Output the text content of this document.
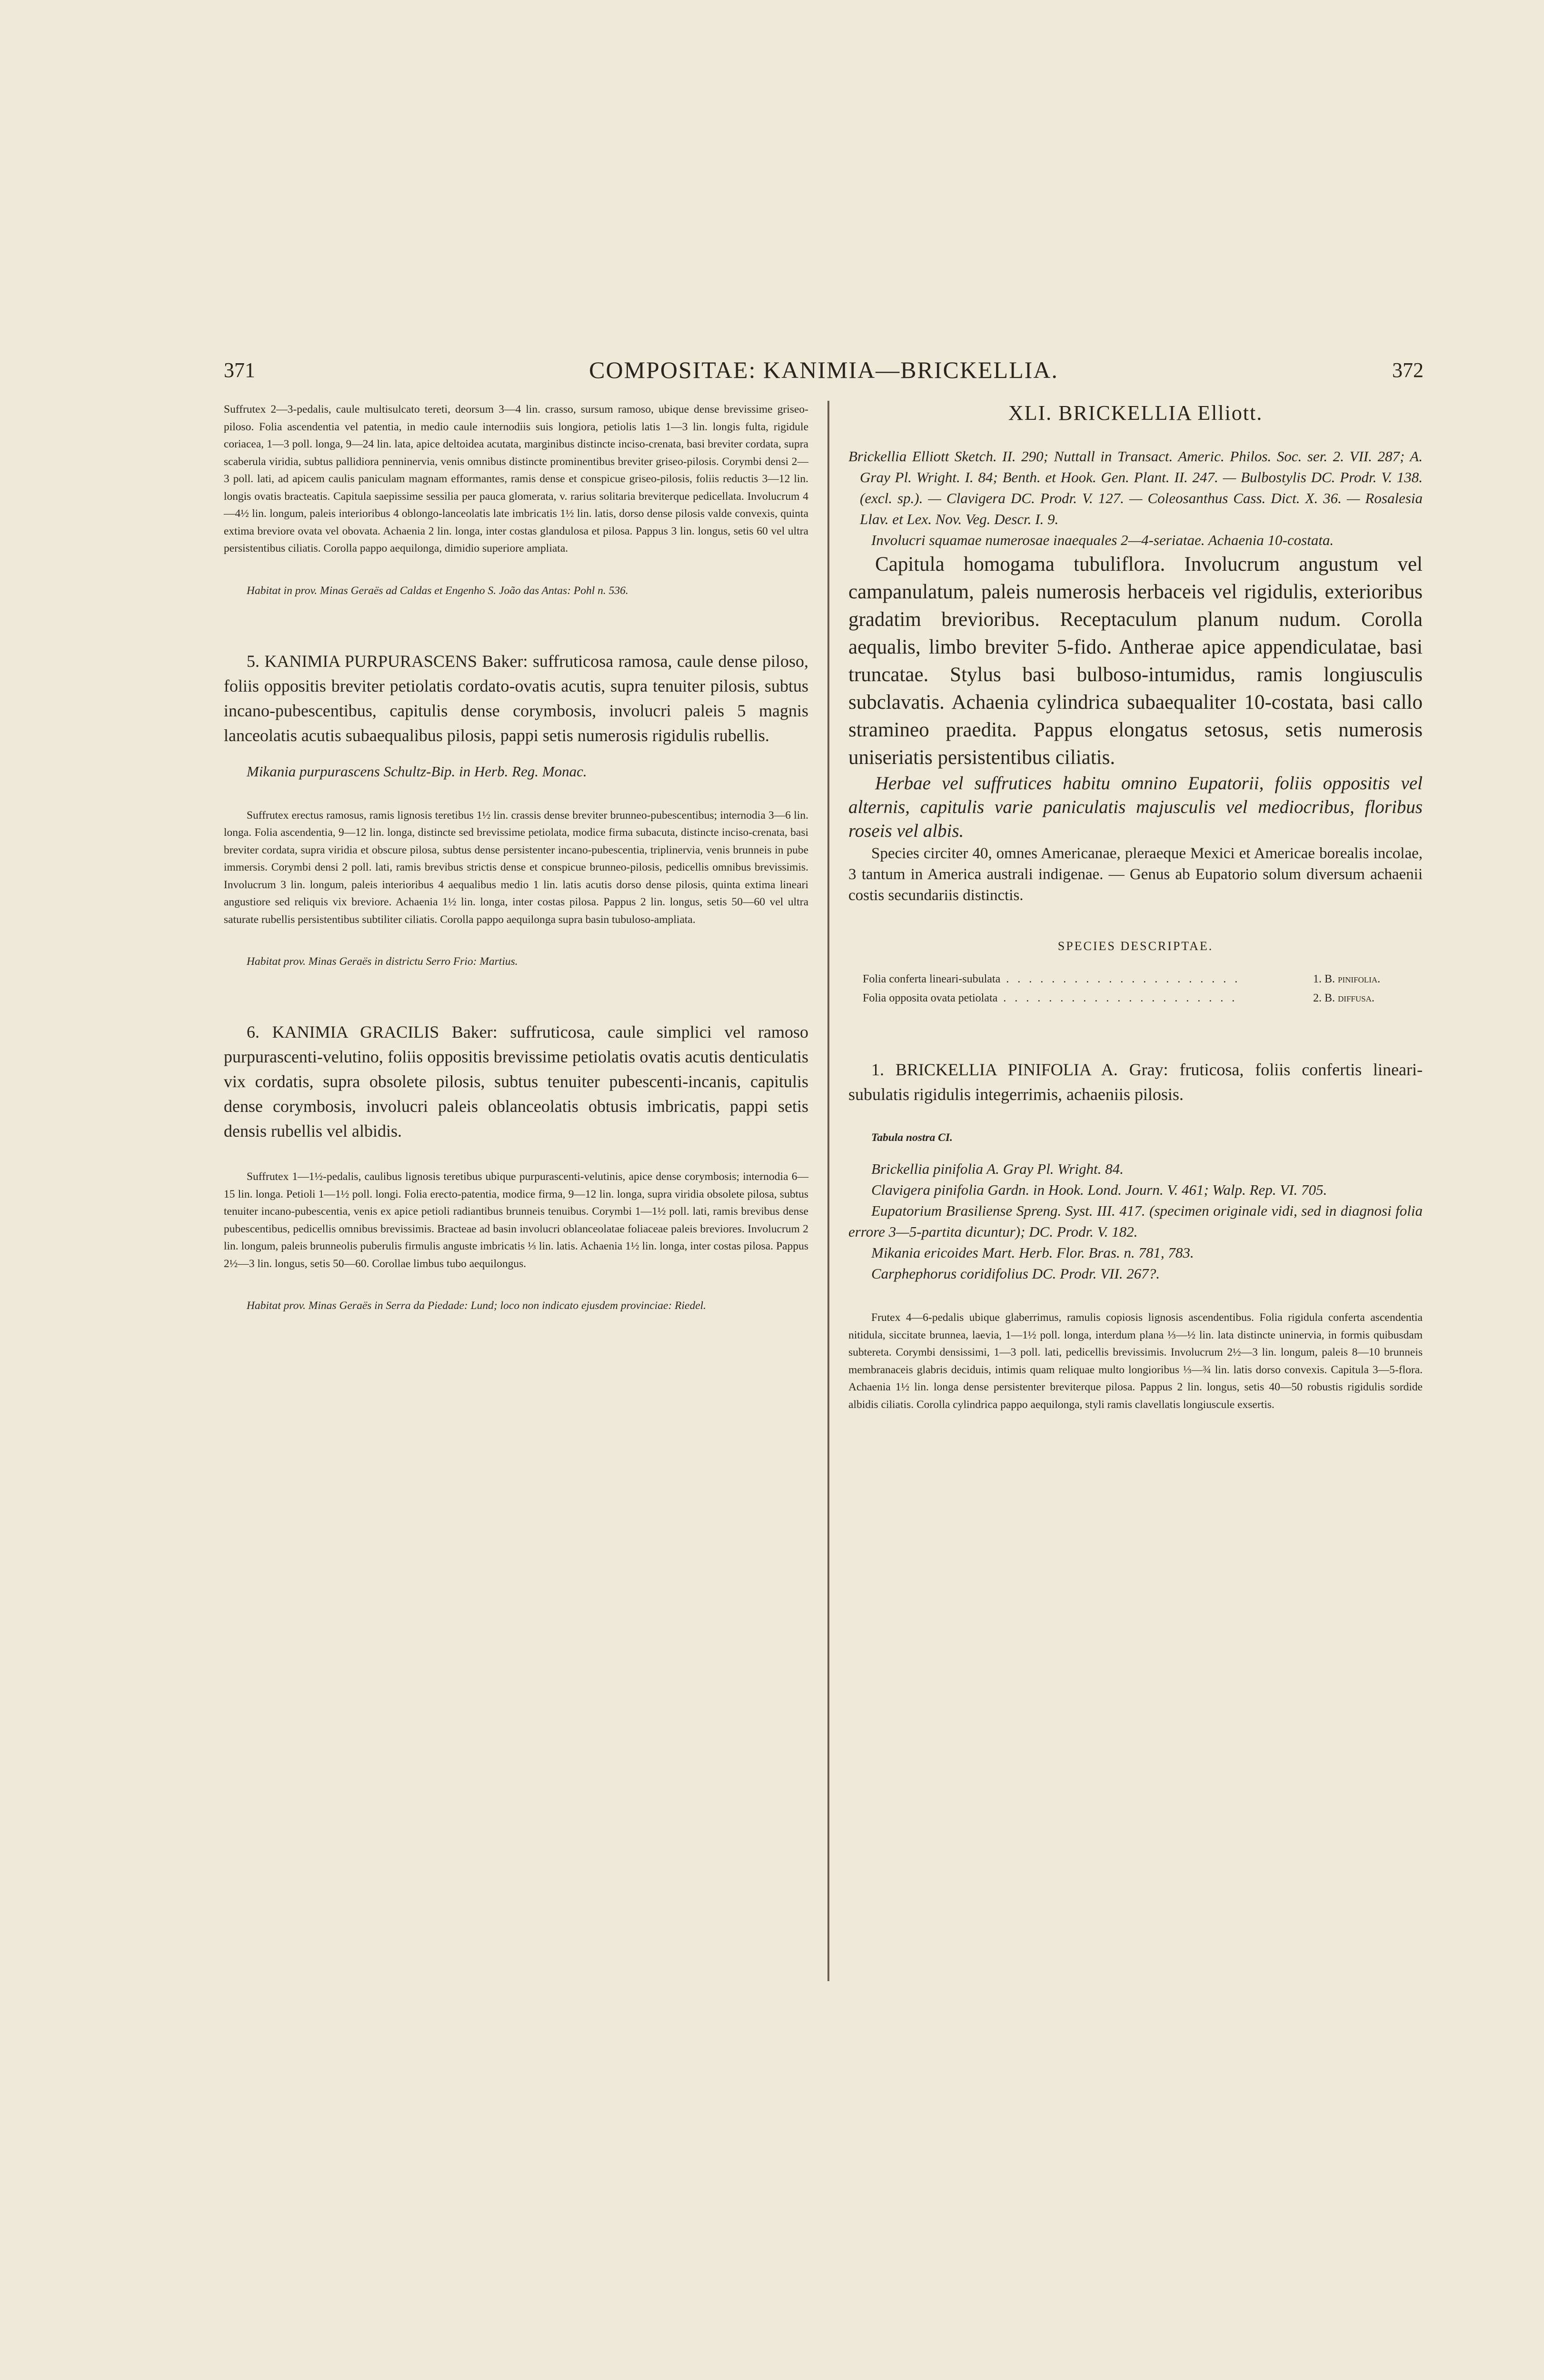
371	COMPOSITAE: KANIMIA—BRICKELLIA.	372

Suffrutex 2—3-pedalis, caule multisulcato tereti, deorsum 3—4 lin. crasso, sursum ramoso, ubique dense brevissime griseo-piloso. Folia ascendentia vel patentia, in medio caule internodiis suis longiora, petiolis latis 1—3 lin. longis fulta, rigidule coriacea, 1—3 poll. longa, 9—24 lin. lata, apice deltoidea acutata, marginibus distincte inciso-crenata, basi breviter cordata, supra scaberula viridia, subtus pallidiora penninervia, venis omnibus distincte prominentibus breviter griseo-pilosis. Corymbi densi 2—3 poll. lati, ad apicem caulis paniculam magnam efformantes, ramis dense et conspicue griseo-pilosis, foliis reductis 3—12 lin. longis ovatis bracteatis. Capitula saepissime sessilia per pauca glomerata, v. rarius solitaria breviterque pedicellata. Involucrum 4—4½ lin. longum, paleis interioribus 4 oblongo-lanceolatis late imbricatis 1½ lin. latis, dorso dense pilosis valde convexis, quinta extima breviore ovata vel obovata. Achaenia 2 lin. longa, inter costas glandulosa et pilosa. Pappus 3 lin. longus, setis 60 vel ultra persistentibus ciliatis. Corolla pappo aequilonga, dimidio superiore ampliata.

Habitat in prov. Minas Geraës ad Caldas et Engenho S. João das Antas: Pohl n. 536.

5. KANIMIA PURPURASCENS Baker: suffruticosa ramosa, caule dense piloso, foliis oppositis breviter petiolatis cordato-ovatis acutis, supra tenuiter pilosis, subtus incano-pubescentibus, capitulis dense corymbosis, involucri paleis 5 magnis lanceolatis acutis subaequalibus pilosis, pappi setis numerosis rigidulis rubellis.

Mikania purpurascens Schultz-Bip. in Herb. Reg. Monac.

Suffrutex erectus ramosus, ramis lignosis teretibus 1½ lin. crassis dense breviter brunneo-pubescentibus; internodia 3—6 lin. longa. Folia ascendentia, 9—12 lin. longa, distincte sed brevissime petiolata, modice firma subacuta, distincte inciso-crenata, basi breviter cordata, supra viridia et obscure pilosa, subtus dense persistenter incano-pubescentia, triplinervia, venis brunneis in pube immersis. Corymbi densi 2 poll. lati, ramis brevibus strictis dense et conspicue brunneo-pilosis, pedicellis omnibus brevissimis. Involucrum 3 lin. longum, paleis interioribus 4 aequalibus medio 1 lin. latis acutis dorso dense pilosis, quinta extima lineari angustiore sed reliquis vix breviore. Achaenia 1½ lin. longa, inter costas pilosa. Pappus 2 lin. longus, setis 50—60 vel ultra saturate rubellis persistentibus subtiliter ciliatis. Corolla pappo aequilonga supra basin tubuloso-ampliata.

Habitat prov. Minas Geraës in districtu Serro Frio: Martius.

6. KANIMIA GRACILIS Baker: suffruticosa, caule simplici vel ramoso purpurascenti-velutino, foliis oppositis brevissime petiolatis ovatis acutis denticulatis vix cordatis, supra obsolete pilosis, subtus tenuiter pubescenti-incanis, capitulis dense corymbosis, involucri paleis oblanceolatis obtusis imbricatis, pappi setis densis rubellis vel albidis.

Suffrutex 1—1½-pedalis, caulibus lignosis teretibus ubique purpurascenti-velutinis, apice dense corymbosis; internodia 6—15 lin. longa. Petioli 1—1½ poll. longi. Folia erecto-patentia, modice firma, 9—12 lin. longa, supra viridia obsolete pilosa, subtus tenuiter incano-pubescentia, venis ex apice petioli radiantibus brunneis tenuibus. Corymbi 1—1½ poll. lati, ramis brevibus dense pubescentibus, pedicellis omnibus brevissimis. Bracteae ad basin involucri oblanceolatae foliaceae paleis breviores. Involucrum 2 lin. longum, paleis brunneolis puberulis firmulis anguste imbricatis ⅓ lin. latis. Achaenia 1½ lin. longa, inter costas pilosa. Pappus 2½—3 lin. longus, setis 50—60. Corollae limbus tubo aequilongus.

Habitat prov. Minas Geraës in Serra da Piedade: Lund; loco non indicato ejusdem provinciae: Riedel.

XLI. BRICKELLIA Elliott.

Brickellia Elliott Sketch. II. 290; Nuttall in Transact. Americ. Philos. Soc. ser. 2. VII. 287; A. Gray Pl. Wright. I. 84; Benth. et Hook. Gen. Plant. II. 247. — Bulbostylis DC. Prodr. V. 138. (excl. sp.). — Clavigera DC. Prodr. V. 127. — Coleosanthus Cass. Dict. X. 36. — Rosalesia Llav. et Lex. Nov. Veg. Descr. I. 9.

Involucri squamae numerosae inaequales 2—4-seriatae. Achaenia 10-costata.

Capitula homogama tubuliflora. Involucrum angustum vel campanulatum, paleis numerosis herbaceis vel rigidulis, exterioribus gradatim brevioribus. Receptaculum planum nudum. Corolla aequalis, limbo breviter 5-fido. Antherae apice appendiculatae, basi truncatae. Stylus basi bulboso-intumidus, ramis longiusculis subclavatis. Achaenia cylindrica subaequaliter 10-costata, basi callo stramineo praedita. Pappus elongatus setosus, setis numerosis uniseriatis persistentibus ciliatis.

Herbae vel suffrutices habitu omnino Eupatorii, foliis oppositis vel alternis, capitulis varie paniculatis majusculis vel mediocribus, floribus roseis vel albis.

Species circiter 40, omnes Americanae, pleraeque Mexici et Americae borealis incolae, 3 tantum in America australi indigenae. — Genus ab Eupatorio solum diversum achaenii costis secundariis distinctis.

SPECIES DESCRIPTAE.
Folia conferta lineari-subulata . . .	1. B. pinifolia.
Folia opposita ovata petiolata . . .	2. B. diffusa.

1. BRICKELLIA PINIFOLIA A. Gray: fruticosa, foliis confertis lineari-subulatis rigidulis integerrimis, achaeniis pilosis.

Tabula nostra CI.

Brickellia pinifolia A. Gray Pl. Wright. 84.

Clavigera pinifolia Gardn. in Hook. Lond. Journ. V. 461; Walp. Rep. VI. 705.

Eupatorium Brasiliense Spreng. Syst. III. 417. (specimen originale vidi, sed in diagnosi folia errore 3—5-partita dicuntur); DC. Prodr. V. 182.

Mikania ericoides Mart. Herb. Flor. Bras. n. 781, 783.

Carphephorus coridifolius DC. Prodr. VII. 267?.

Frutex 4—6-pedalis ubique glaberrimus, ramulis copiosis lignosis ascendentibus. Folia rigidula conferta ascendentia nitidula, siccitate brunnea, laevia, 1—1½ poll. longa, interdum plana ⅓—½ lin. lata distincte uninervia, in formis quibusdam subtereta. Corymbi densissimi, 1—3 poll. lati, pedicellis brevissimis. Involucrum 2½—3 lin. longum, paleis 8—10 brunneis membranaceis glabris deciduis, intimis quam reliquae multo longioribus ⅓—¾ lin. latis dorso convexis. Capitula 3—5-flora. Achaenia 1½ lin. longa dense persistenter breviterque pilosa. Pappus 2 lin. longus, setis 40—50 robustis rigidulis sordide albidis ciliatis. Corolla cylindrica pappo aequilonga, styli ramis clavellatis longiuscule exsertis.
